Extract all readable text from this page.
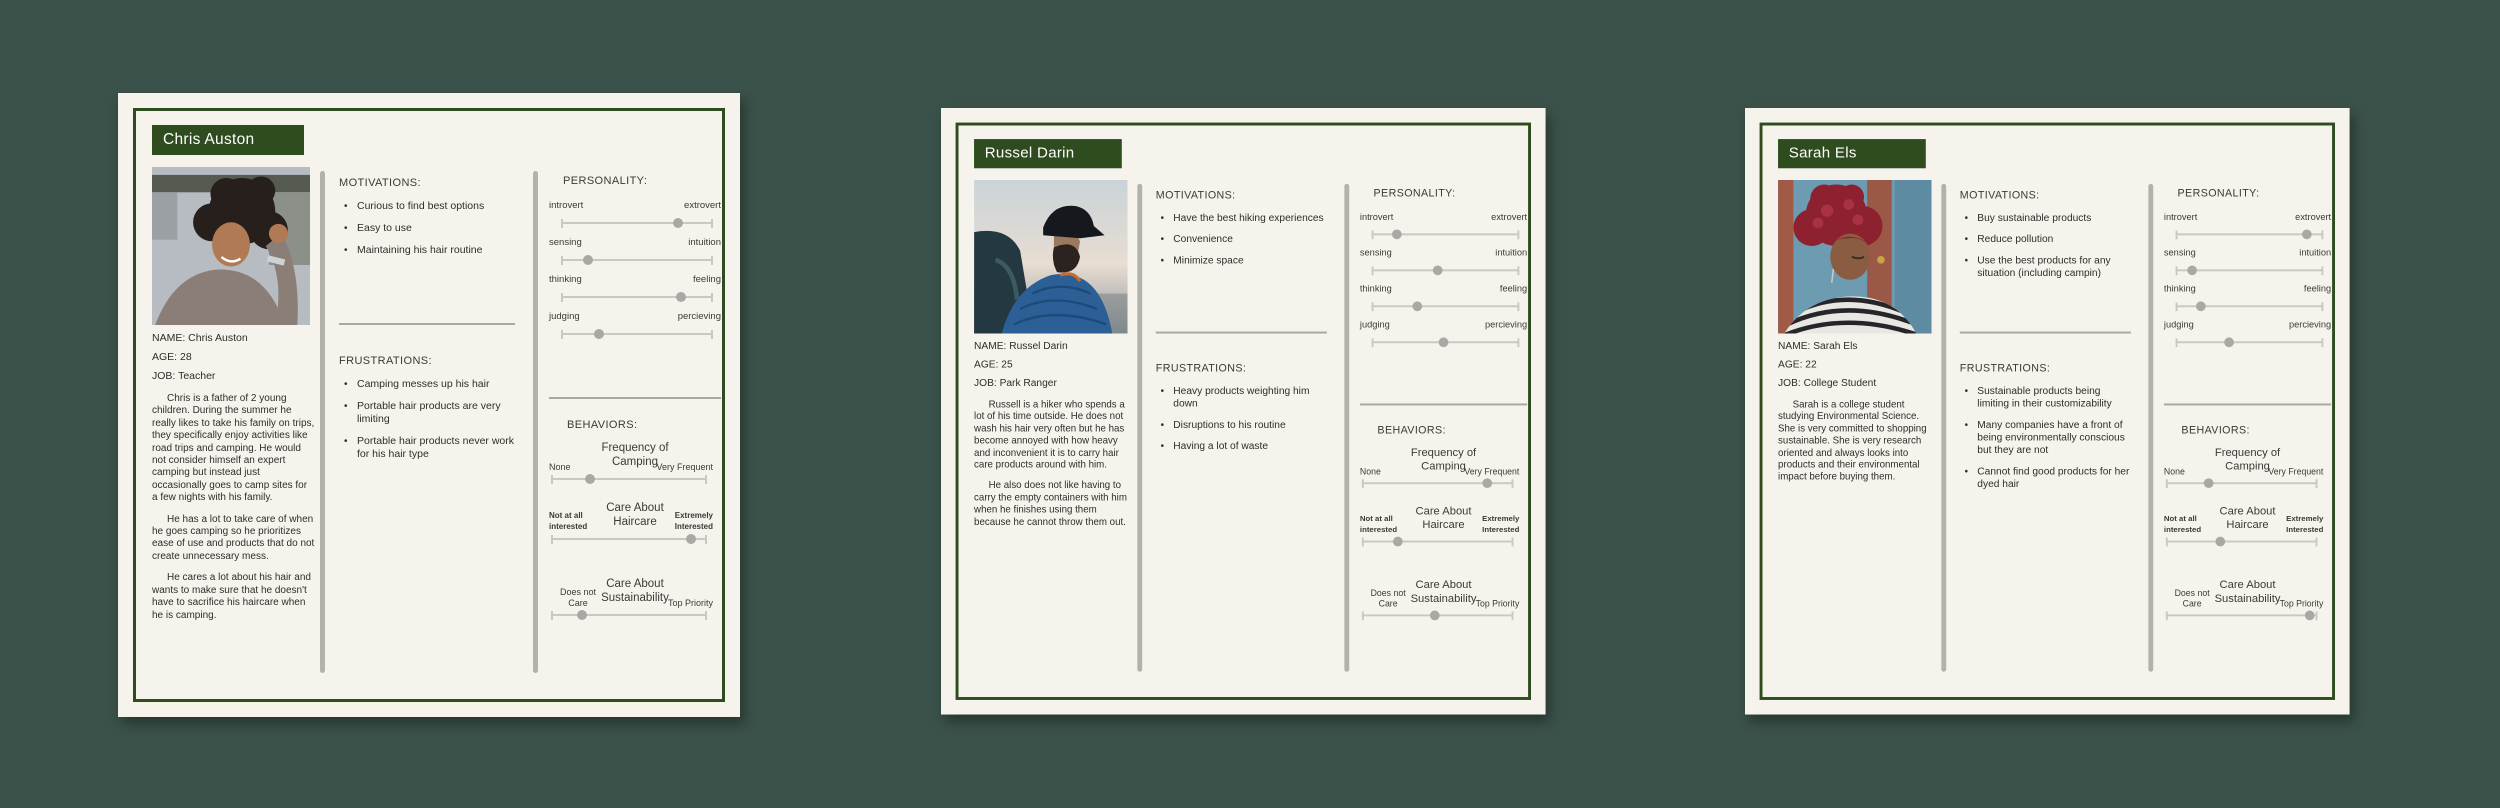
Chris Auston
NAME: Chris Auston
AGE: 28
JOB: Teacher

Chris is a father of 2 young children. During the summer he really likes to take his family on trips, they specifically enjoy activities like road trips and camping. He would not consider himself an expert camping but instead just occasionally goes to camp sites for a few nights with his family.

He has a lot to take care of when he goes camping so he prioritizes ease of use and products that do not create unnecessary mess.

He cares a lot about his hair and wants to make sure that he doesn't have to sacrifice his haircare when he is camping.

MOTIVATIONS:
• Curious to find best options
• Easy to use
• Maintaining his hair routine
FRUSTRATIONS:
• Camping messes up his hair
• Portable hair products are very limiting
• Portable hair products never work for his hair type
PERSONALITY:
introvert	extrovert
sensing	intuition
thinking	feeling
judging	percieving
BEHAVIORS:
Frequency of Camping
None	Very Frequent
Care About Haircare
Not at all interested
Extremely Interested
Care About Sustainability
Does not Care	Top Priority
Russel Darin
NAME: Russel Darin
AGE: 25
JOB: Park Ranger

Russell is a hiker who spends a lot of his time outside. He does not wash his hair very often but he has become annoyed with how heavy and inconvenient it is to carry hair care products around with him.

He also does not like having to carry the empty containers with him when he finishes using them because he cannot throw them out.

MOTIVATIONS:
• Have the best hiking experiences
• Convenience
• Minimize space
FRUSTRATIONS:
• Heavy products weighting him down
• Disruptions to his routine
• Having a lot of waste
PERSONALITY:
introvert	extrovert
sensing	intuition
thinking	feeling
judging	percieving
BEHAVIORS:
Frequency of Camping
None	Very Frequent
Care About Haircare
Not at all interested
Extremely Interested
Care About Sustainability
Does not Care	Top Priority
Sarah Els
NAME: Sarah Els
AGE: 22
JOB: College Student

Sarah is a college student studying Environmental Science. She is very committed to shopping sustainable. She is very research oriented and always looks into products and their environmental impact before buying them.

MOTIVATIONS:
• Buy sustainable products
• Reduce pollution
• Use the best products for any situation (including campin)
FRUSTRATIONS:
• Sustainable products being limiting in their customizability
• Many companies have a front of being environmentally conscious but they are not
• Cannot find good products for her dyed hair
PERSONALITY:
introvert	extrovert
sensing	intuition
thinking	feeling
judging	percieving
BEHAVIORS:
Frequency of Camping
None	Very Frequent
Care About Haircare
Not at all interested
Extremely Interested
Care About Sustainability
Does not Care	Top Priority
